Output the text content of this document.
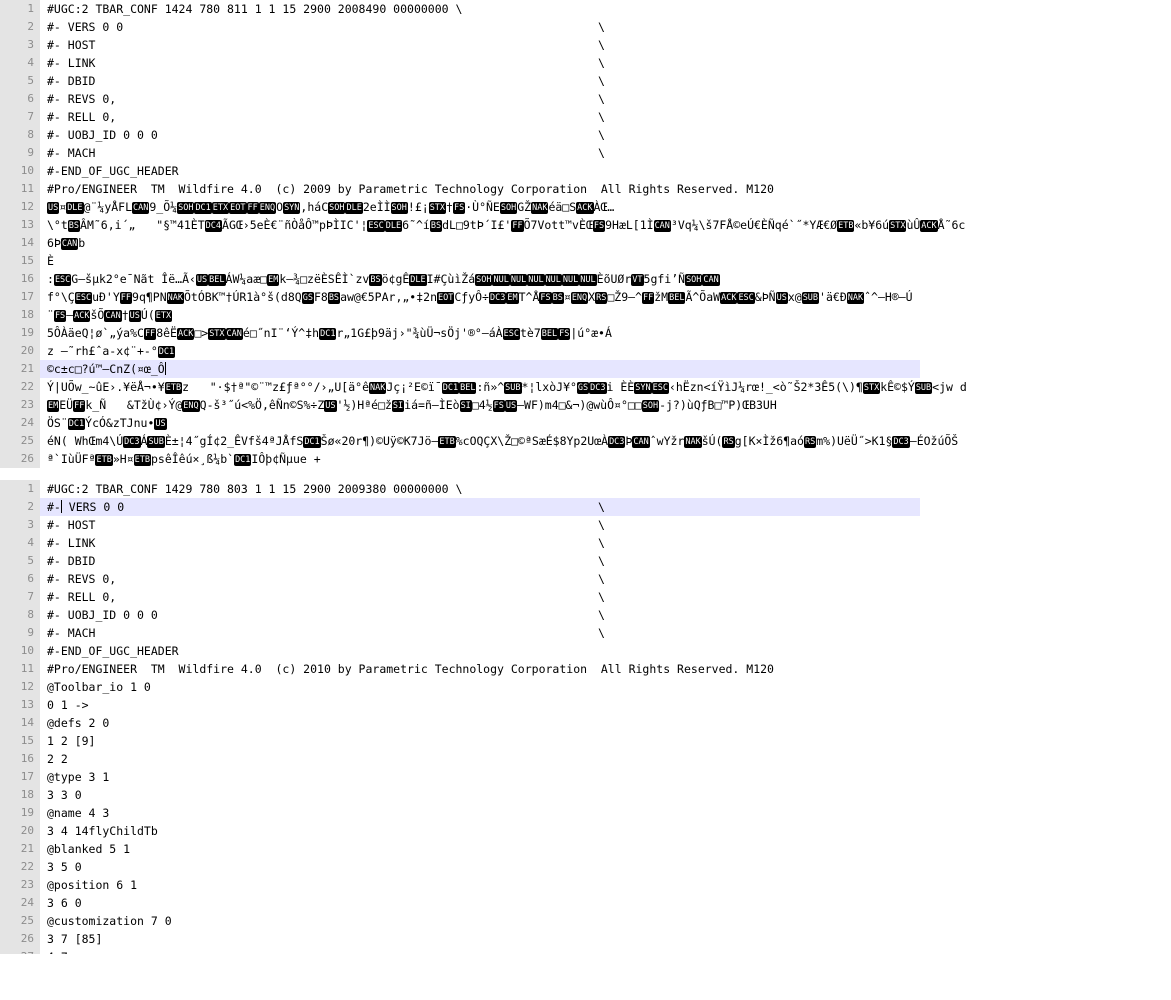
1	#UGC:2 TBAR_CONF 1424 780 811 1 1 15 2900 2008490 00000000 \
2	#- VERS 0 0	\
3	#- HOST	\
4	#- LINK	\
5	#- DBID	\
6	#- REVS 0,	\
7	#- RELL 0,	\
8	#- UOBJ_ID 0 0 0	\
9	#- MACH	\
10	#-END_OF_UGC_HEADER
11	#Pro/ENGINEER  TM  Wildfire 4.0  (c) 2009 by Parametric Technology Corporation  All Rights Reserved. M120
12	US¤DLE@¨¼yÅFLCAN9_Õ¼SOH DC1 ETX EOT FF ENQOSYN,háCSOH DLE2eÌÌSOH!£¡STX†FS·Ù°ÑESOHGŽNAKéä□SACKÀŒ…
13	\°tBSÂM˜6,i´„   "§™41ÈTDC4ÃGŒ›5eÈ€¨ñÒåÔ™pÞÌIC'¦ESC DLE6˜^íBSdL□9tÞ´I£'FFÕ7Vott™vÈŒFS9HæL[1ÌCAN³Vq¼\š7FÅ©eÚ€ÈÑqé`˝*YÆ€ØETB«b¥6úSTXùÛACKÅ˜6c
14	6ÞCANb
15	È
16	:ESCG–šµk2°e¯Nãt Îë…Ã‹US BELÁW¼aæ□EMk–¾□zëÈSÊÌ`zvBSö¢gÊDLEI#ÇùìŽáSOH NUL NUL NUL NUL NUL NULÈõUØrVT5gfi’ÑSOH CAN
17	f°\ÇESCuÐ'YFF9q¶PNNAKÕtÓBK™†ÚR1à°š(d8QGSF8BSaw@€5PAr,„•‡2nEOTCƒyÔ÷DC3 EMT^ÅFS BS¤ENQXRS□Ž9–^FFžMBELÃ^ÕaWACK ESC&ÞÑUSx@SUB'ä€ÐNAKˆ^–H®–Ú
18	¨FS—ACKšÕCAN†USÚ(ETX
19	5ÔÀäeQ¦ø`„ýa%CFF8êËACK□>STX CANé□˝nI¨‘Ý^‡hDC1r„1G£þ9äj›"¾ùÜ¬sÖj'®°–áÀESCtè7BEL FS|ú°æ•Á
20	z –˜rh£ˆa-x¢¨+-°DC1
21	©c±c□?ú™–CnZ(¤œ_Ô
22	Ý|UÕw_~ûE›.¥ëÅ¬•¥ETBz   "·$†ª"©¨™z£ƒª°°/›„U[ä°êNAKJç¡²E©ï¯DC1 BEL:ñ»^SUB*¦lxòJ¥°GS DC3i ÈÈSYN ESC‹hËzn<íŸìJ¼rœ!_<ò˜Š2*3Ê5(\)¶STXkÊ©$ÝSUB<jw d
23	EMEÜFFk_Ñ   &TžÙ¢›Ý@ENQQ-š³˝ú<%Ö,êÑn©S%÷ZUS'½)Hªé□žSIiá=ñ–ÌEòSI□4½FS US–WF)m4□&¬)@wùÔ¤°□□SOH-j?)ùQƒB□™P)ŒB3UH
24	ÖS¨DC1ÝcÓ&zTJnu•US
25	éN( WhŒm4\ÚDC3ÁSUBÈ±¦4˝gÍ¢2_ÊVfš4ªJÅfSDC1Šø«20r¶)©Uÿ©K7Jö–ETB%cOQÇX\Ž□©ªSæÉ$8Yp2UœÀDC3ÞCANˆwYžrNAKšÚ(RSg[K×Ìž6¶aóRSm%)UëÜ˝>K1§DC3–ÉOžúÕŠ
26	ª`IùÜFªETB»H¤ETBpsêÎêú×¸ß¼b`DC1IÔþ¢Ñµue +
1	#UGC:2 TBAR_CONF 1429 780 803 1 1 15 2900 2009380 00000000 \
2	#- VERS 0 0	\
3	#- HOST	\
4	#- LINK	\
5	#- DBID	\
6	#- REVS 0,	\
7	#- RELL 0,	\
8	#- UOBJ_ID 0 0 0	\
9	#- MACH	\
10	#-END_OF_UGC_HEADER
11	#Pro/ENGINEER  TM  Wildfire 4.0  (c) 2010 by Parametric Technology Corporation  All Rights Reserved. M120
12	@Toolbar_io 1 0
13	0 1 ->
14	@defs 2 0
15	1 2 [9]
16	2 2
17	@type 3 1
18	3 3 0
19	@name 4 3
20	3 4 14flyChildTb
21	@blanked 5 1
22	3 5 0
23	@position 6 1
24	3 6 0
25	@customization 7 0
26	3 7 [85]
